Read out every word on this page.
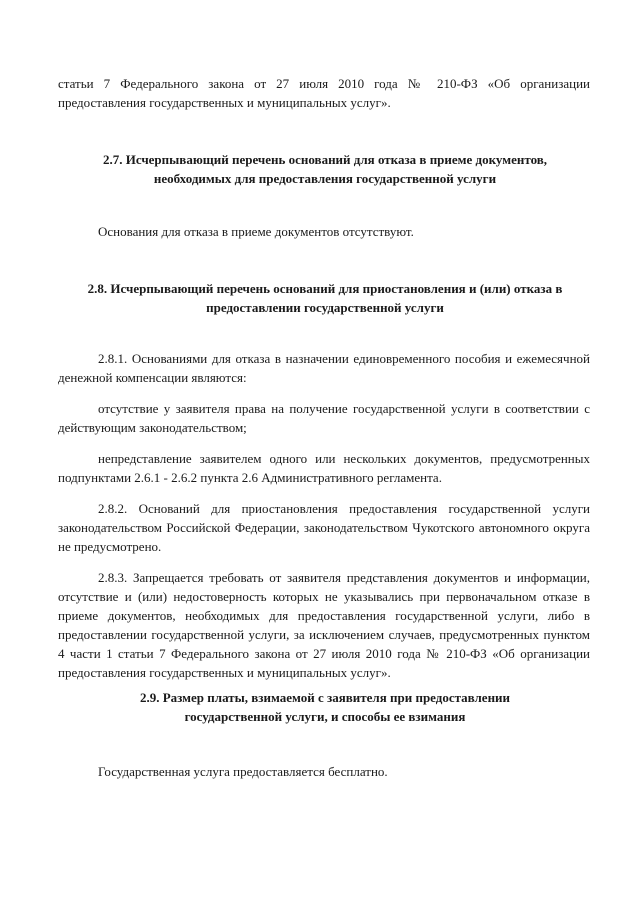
статьи 7 Федерального закона от 27 июля 2010 года № 210-ФЗ «Об организации предоставления государственных и муниципальных услуг».

2.7. Исчерпывающий перечень оснований для отказа в приеме документов, необходимых для предоставления государственной услуги

Основания для отказа в приеме документов отсутствуют.

2.8. Исчерпывающий перечень оснований для приостановления и (или) отказа в предоставлении государственной услуги

2.8.1. Основаниями для отказа в назначении единовременного пособия и ежемесячной денежной компенсации являются:

отсутствие у заявителя права на получение государственной услуги в соответствии с действующим законодательством;

непредставление заявителем одного или нескольких документов, предусмотренных подпунктами 2.6.1 - 2.6.2 пункта 2.6 Административного регламента.

2.8.2. Оснований для приостановления предоставления государственной услуги законодательством Российской Федерации, законодательством Чукотского автономного округа не предусмотрено.

2.8.3. Запрещается требовать от заявителя представления документов и информации, отсутствие и (или) недостоверность которых не указывались при первоначальном отказе в приеме документов, необходимых для предоставления государственной услуги, либо в предоставлении государственной услуги, за исключением случаев, предусмотренных пунктом 4 части 1 статьи 7 Федерального закона от 27 июля 2010 года № 210-ФЗ «Об организации предоставления государственных и муниципальных услуг».

2.9. Размер платы, взимаемой с заявителя при предоставлении государственной услуги, и способы ее взимания

Государственная услуга предоставляется бесплатно.
